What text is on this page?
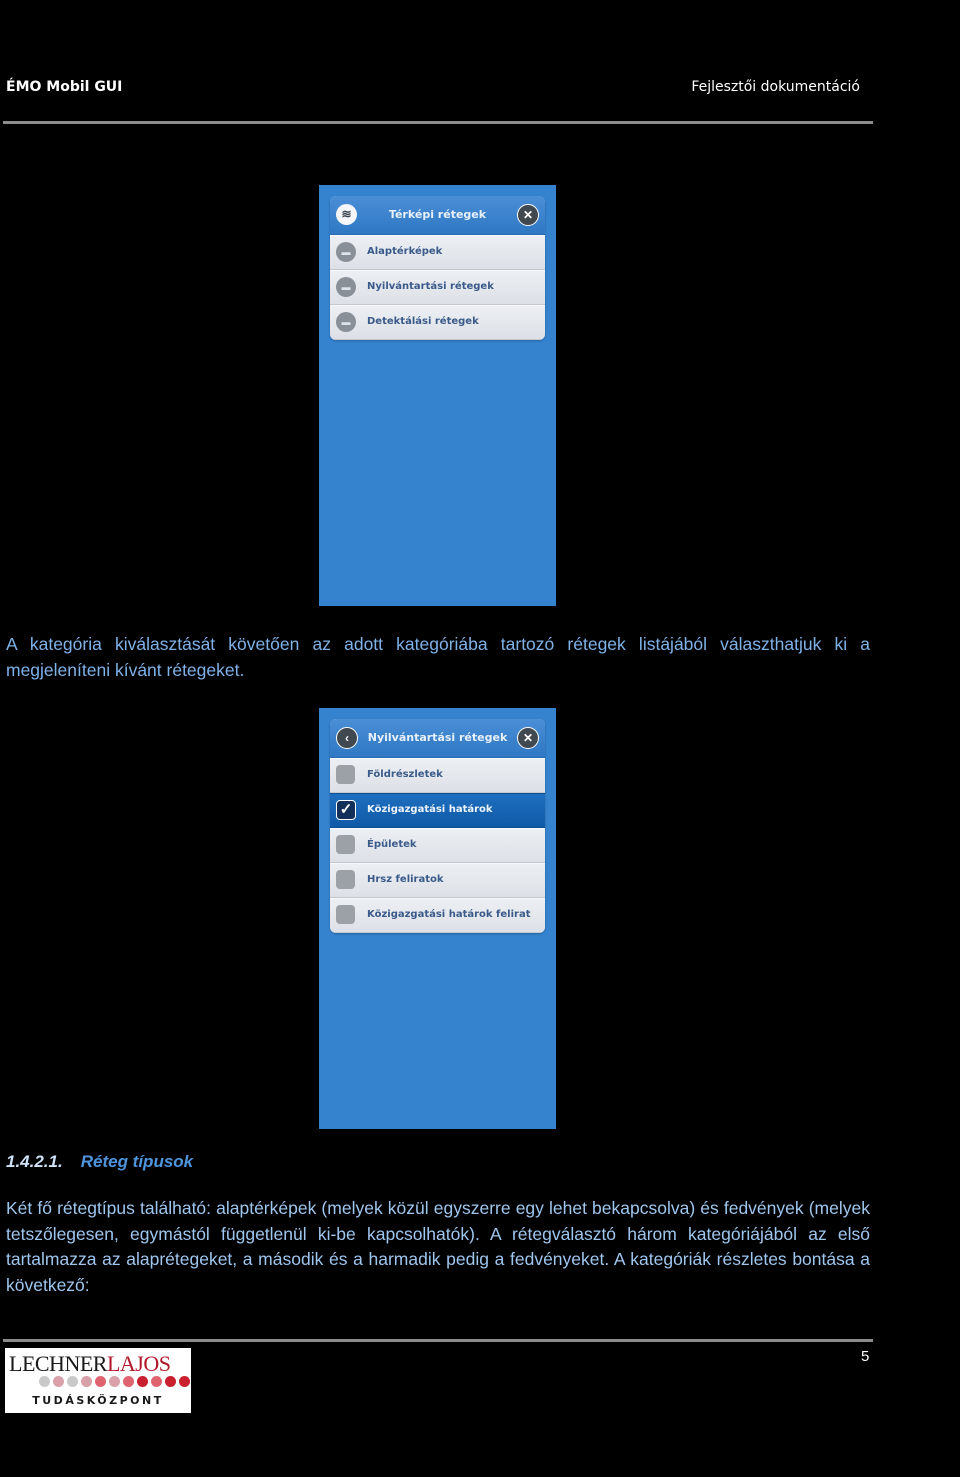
ÉMO Mobil GUI	Fejlesztői dokumentáció
≋	Térképi rétegek	✕
▬	Alaptérképek
▬	Nyilvántartási rétegek
▬	Detektálási rétegek
A kategória kiválasztását követően az adott kategóriába tartozó rétegek listájából választhatjuk ki a megjeleníteni kívánt rétegeket.
‹	Nyilvántartási rétegek	✕
Földrészletek
✓	Közigazgatási határok
Épületek
Hrsz feliratok
Közigazgatási határok felirat
1.4.2.1. Réteg típusok
Két fő rétegtípus található: alaptérképek (melyek közül egyszerre egy lehet bekapcsolva) és fedvények (melyek tetszőlegesen, egymástól függetlenül ki-be kapcsolhatók). A rétegválasztó három kategóriájából az első tartalmazza az alaprétegeket, a második és a harmadik pedig a fedvényeket. A kategóriák részletes bontása a következő:
LECHNERLAJOS
TUDÁSKÖZPONT
5
